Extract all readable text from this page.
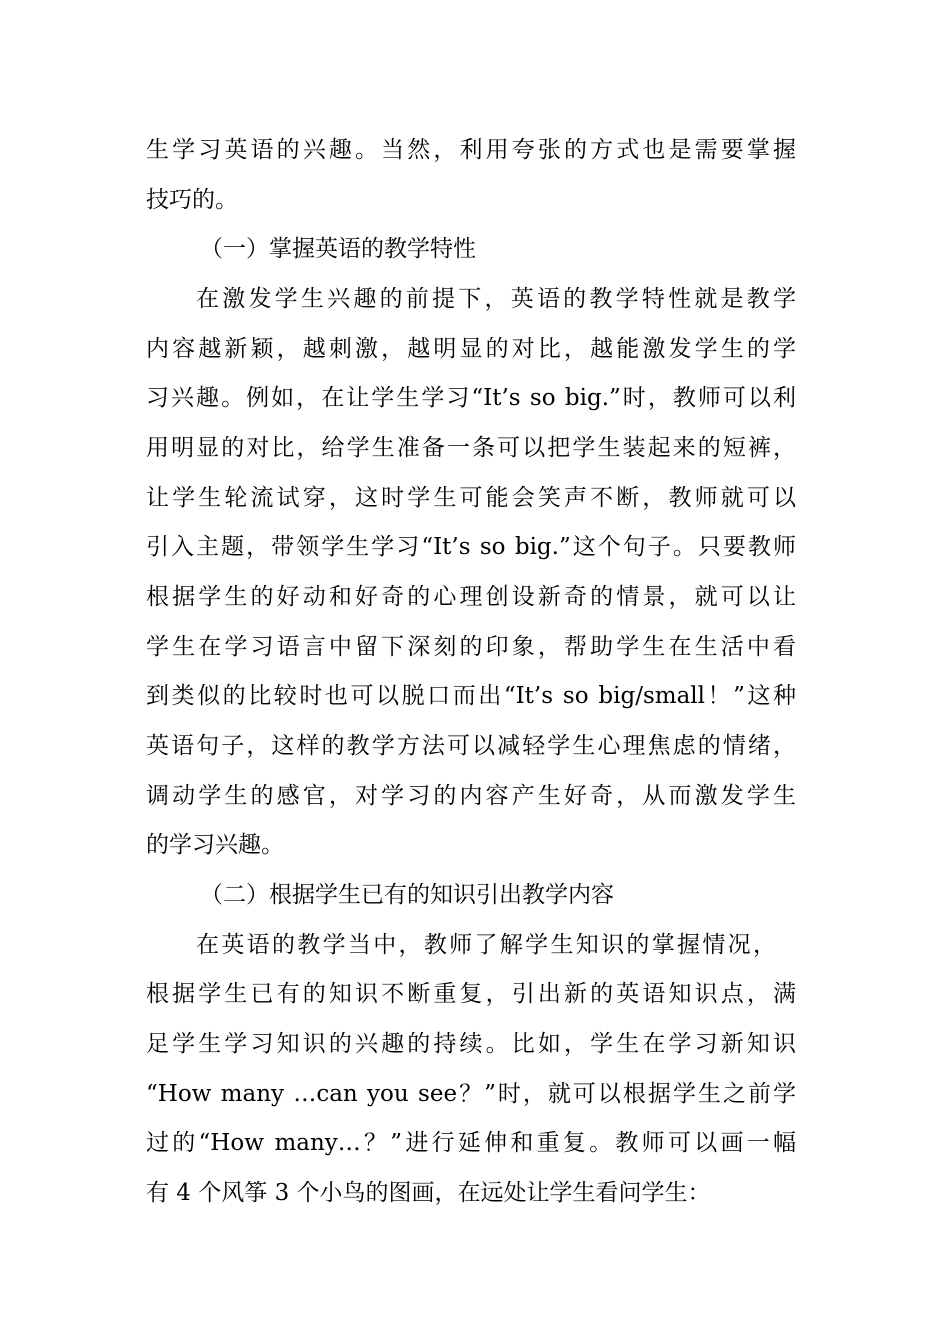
生学习英语的兴趣。当然，利用夸张的方式也是需要掌握
技巧的。
（一）掌握英语的教学特性
在激发学生兴趣的前提下，英语的教学特性就是教学
内容越新颖，越刺激，越明显的对比，越能激发学生的学
习兴趣。例如，在让学生学习“It’s so big.”时，教师可以利
用明显的对比，给学生准备一条可以把学生装起来的短裤，
让学生轮流试穿，这时学生可能会笑声不断，教师就可以
引入主题，带领学生学习“It’s so big.”这个句子。只要教师
根据学生的好动和好奇的心理创设新奇的情景，就可以让
学生在学习语言中留下深刻的印象，帮助学生在生活中看
到类似的比较时也可以脱口而出“It’s so big/small！”这种
英语句子，这样的教学方法可以减轻学生心理焦虑的情绪，
调动学生的感官，对学习的内容产生好奇，从而激发学生
的学习兴趣。
（二）根据学生已有的知识引出教学内容
在英语的教学当中，教师了解学生知识的掌握情况，
根据学生已有的知识不断重复，引出新的英语知识点，满
足学生学习知识的兴趣的持续。比如，学生在学习新知识
“How many …can you see？”时，就可以根据学生之前学
过的“How many…？”进行延伸和重复。教师可以画一幅
有 4 个风筝 3 个小鸟的图画，在远处让学生看问学生：
